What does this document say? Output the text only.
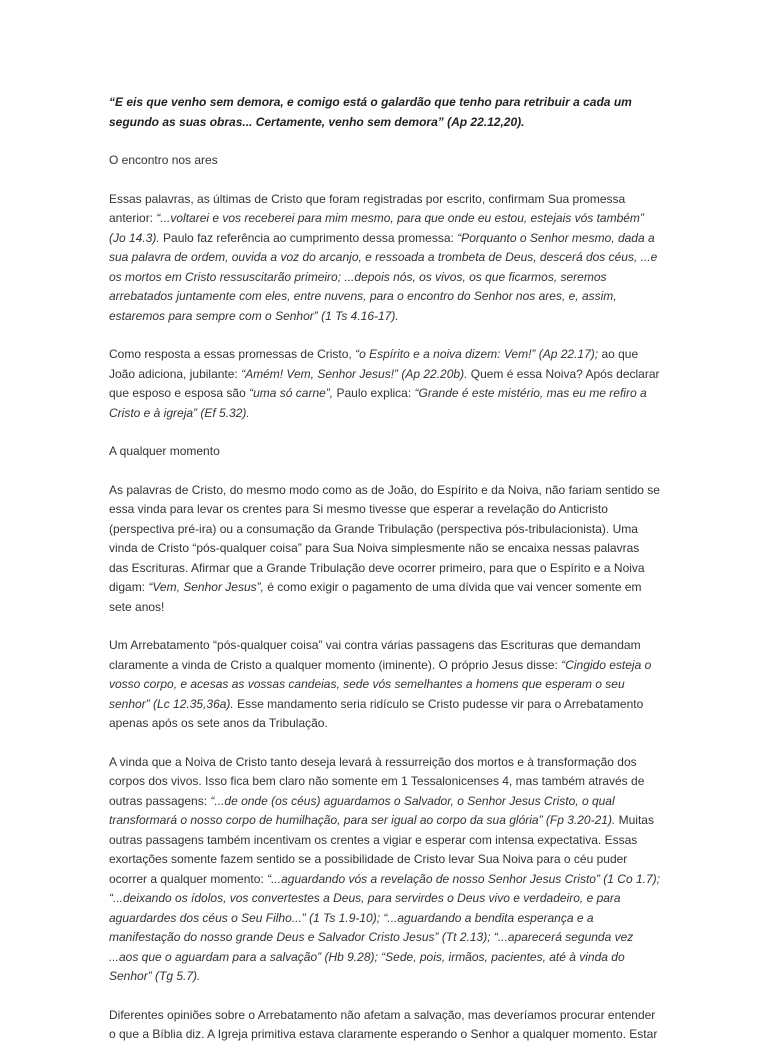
“E eis que venho sem demora, e comigo está o galardão que tenho para retribuir a cada um segundo as suas obras... Certamente, venho sem demora” (Ap 22.12,20).

O encontro nos ares

Essas palavras, as últimas de Cristo que foram registradas por escrito, confirmam Sua promessa anterior: “...voltarei e vos receberei para mim mesmo, para que onde eu estou, estejais vós também” (Jo 14.3). Paulo faz referência ao cumprimento dessa promessa: “Porquanto o Senhor mesmo, dada a sua palavra de ordem, ouvida a voz do arcanjo, e ressoada a trombeta de Deus, descerá dos céus, ...e os mortos em Cristo ressuscitarão primeiro; ...depois nós, os vivos, os que ficarmos, seremos arrebatados juntamente com eles, entre nuvens, para o encontro do Senhor nos ares, e, assim, estaremos para sempre com o Senhor” (1 Ts 4.16-17).

Como resposta a essas promessas de Cristo, “o Espírito e a noiva dizem: Vem!” (Ap 22.17); ao que João adiciona, jubilante: “Amém! Vem, Senhor Jesus!” (Ap 22.20b). Quem é essa Noiva? Após declarar que esposo e esposa são “uma só carne”, Paulo explica: “Grande é este mistério, mas eu me refiro a Cristo e à igreja” (Ef 5.32).

A qualquer momento

As palavras de Cristo, do mesmo modo como as de João, do Espírito e da Noiva, não fariam sentido se essa vinda para levar os crentes para Si mesmo tivesse que esperar a revelação do Anticristo (perspectiva pré-ira) ou a consumação da Grande Tribulação (perspectiva pós-tribulacionista). Uma vinda de Cristo “pós-qualquer coisa” para Sua Noiva simplesmente não se encaixa nessas palavras das Escrituras. Afirmar que a Grande Tribulação deve ocorrer primeiro, para que o Espírito e a Noiva digam: “Vem, Senhor Jesus”, é como exigir o pagamento de uma dívida que vai vencer somente em sete anos!

Um Arrebatamento “pós-qualquer coisa” vai contra várias passagens das Escrituras que demandam claramente a vinda de Cristo a qualquer momento (iminente). O próprio Jesus disse: “Cingido esteja o vosso corpo, e acesas as vossas candeias, sede vós semelhantes a homens que esperam o seu senhor” (Lc 12.35,36a). Esse mandamento seria ridículo se Cristo pudesse vir para o Arrebatamento apenas após os sete anos da Tribulação.

A vinda que a Noiva de Cristo tanto deseja levará à ressurreição dos mortos e à transformação dos corpos dos vivos. Isso fica bem claro não somente em 1 Tessalonicenses 4, mas também através de outras passagens: “...de onde (os céus) aguardamos o Salvador, o Senhor Jesus Cristo, o qual transformará o nosso corpo de humilhação, para ser igual ao corpo da sua glória” (Fp 3.20-21). Muitas outras passagens também incentivam os crentes a vigiar e esperar com intensa expectativa. Essas exortações somente fazem sentido se a possibilidade de Cristo levar Sua Noiva para o céu puder ocorrer a qualquer momento: “...aguardando vós a revelação de nosso Senhor Jesus Cristo” (1 Co 1.7); “...deixando os ídolos, vos convertestes a Deus, para servirdes o Deus vivo e verdadeiro, e para aguardardes dos céus o Seu Filho...” (1 Ts 1.9-10); “...aguardando a bendita esperança e a manifestação do nosso grande Deus e Salvador Cristo Jesus” (Tt 2.13); “...aparecerá segunda vez ...aos que o aguardam para a salvação” (Hb 9.28); “Sede, pois, irmãos, pacientes, até à vinda do Senhor” (Tg 5.7).

Diferentes opiniões sobre o Arrebatamento não afetam a salvação, mas deveríamos procurar entender o que a Bíblia diz. A Igreja primitiva estava claramente esperando o Senhor a qualquer momento. Estar
